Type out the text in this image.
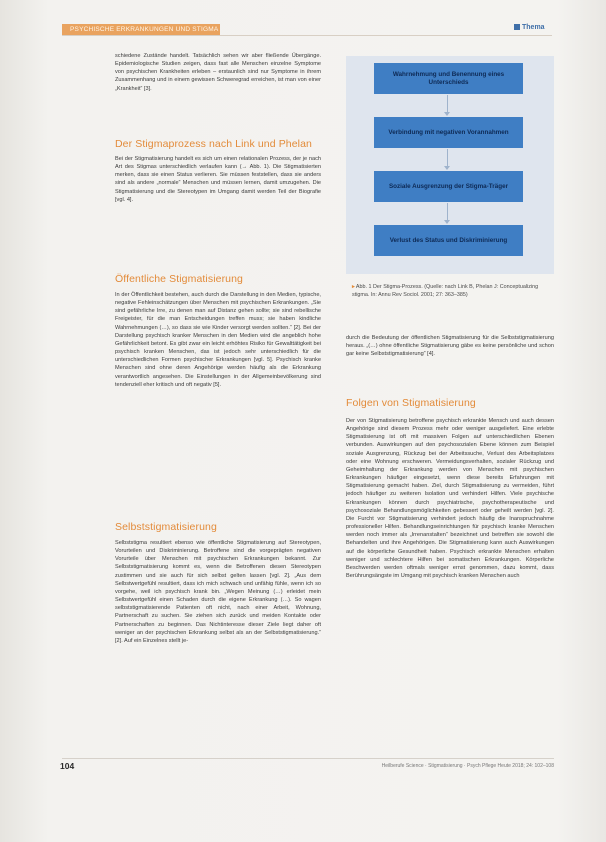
PSYCHISCHE ERKRANKUNGEN UND STIGMA	Thema

schiedene Zustände handelt. Tatsächlich sehen wir aber fließende Übergänge. Epidemiologische Studien zeigen, dass fast alle Menschen einzelne Symptome von psychischen Krankheiten erleben – erstaunlich sind nur Symptome in ihrem Zusammenhang und in einem gewissen Schweregrad erreichen, ist man von einer „Krankheit“ [3].

Der Stigmaprozess nach Link und Phelan

Bei der Stigmatisierung handelt es sich um einen relationalen Prozess, der je nach Art des Stigmas unterschiedlich verlaufen kann (→ Abb. 1). Die Stigmatisierten merken, dass sie einen Status verlieren. Sie müssen feststellen, dass sie anders sind als andere „normale“ Menschen und müssen lernen, damit umzugehen. Die Stigmatisierung und die Stereotypen im Umgang damit werden Teil der Biografie [vgl. 4].

Öffentliche Stigmatisierung

In der Öffentlichkeit bestehen, auch durch die Darstellung in den Medien, typische, negative Fehleinschätzungen über Menschen mit psychischen Erkrankungen. „Sie sind gefährliche Irre, zu denen man auf Distanz gehen sollte; sie sind rebellische Freigeister, für die man Entscheidungen treffen muss; sie haben kindliche Wahrnehmungen (…), so dass sie wie Kinder versorgt werden sollten.“ [2]. Bei der Darstellung psychisch kranker Menschen in den Medien wird die angeblich hohe Gefährlichkeit betont. Es gibt zwar ein leicht erhöhtes Risiko für Gewalttätigkeit bei psychisch kranken Menschen, das ist jedoch sehr unterschiedlich für die unterschiedlichen Formen psychischer Erkrankungen [vgl. 5]. Psychisch kranke Menschen sind ohne deren Angehörige werden häufig als die Erkrankung verantwortlich angesehen. Die Einstellungen in der Allgemeinbevölkerung sind tendenziell eher kritisch und oft negativ [5].

Selbststigmatisierung

Selbststigma resultiert ebenso wie öffentliche Stigmatisierung auf Stereotypen, Vorurteilen und Diskriminierung. Betroffene sind die vorgeprägten negativen Vorurteile über Menschen mit psychischen Erkrankungen bekannt. Zur Selbststigmatisierung kommt es, wenn die Betroffenen diesen Stereotypen zustimmen und sie auch für sich selbst gelten lassen [vgl. 2]. „Aus dem Selbstwertgefühl resultiert, dass ich mich schwach und unfähig fühle, wenn ich so vorgehe, weil ich psychisch krank bin. „Wegen Meinung (…) erleidet mein Selbstwertgefühl einen Schaden durch die eigene Erkrankung (…). So wagen selbststigmatisierende Patienten oft nicht, nach einer Arbeit, Wohnung, Partnerschaft zu suchen. Sie ziehen sich zurück und meiden Kontakte oder Partnerschaften zu beginnen. Das Nichtinteresse dieser Ziele liegt daher oft weniger an der psychischen Erkrankung selbst als an der Selbststigmatisierung.“ [2]. Auf ein Einzelnes stellt je-

Wahrnehmung und Benennung eines Unterschieds
Verbindung mit negativen Vorannahmen
Soziale Ausgrenzung der Stigma-Träger
Verlust des Status und Diskriminierung
▸ Abb. 1 Der Stigma-Prozess. (Quelle: nach Link B, Phelan J: Conceptualizing stigma. In: Annu Rev Sociol. 2001; 27: 363–385)

durch die Bedeutung der öffentlichen Stigmatisierung für die Selbststigmatisierung heraus. „(…) ohne öffentliche Stigmatisierung gäbe es keine persönliche und schon gar keine Selbststigmatisierung“ [4].

Folgen von Stigmatisierung

Der von Stigmatisierung betroffene psychisch erkrankte Mensch und auch dessen Angehörige sind diesem Prozess mehr oder weniger ausgeliefert. Eine erlebte Stigmatisierung ist oft mit massiven Folgen auf unterschiedlichen Ebenen verbunden. Auswirkungen auf den psychosozialen Ebene können zum Beispiel soziale Ausgrenzung, Rückzug bei der Arbeitssuche, Verlust des Arbeitsplatzes oder eine Wohnung erschweren. Vermeidungsverhalten, sozialer Rückzug und Geheimhaltung der Erkrankung werden von Menschen mit psychischen Erkrankungen häufiger eingesetzt, wenn diese bereits Erfahrungen mit Stigmatisierung gemacht haben. Ziel, durch Stigmatisierung zu vermeiden, führt jedoch häufiger zu weiteren Isolation und verhindert Hilfen. Viele psychische Erkrankungen können durch psychiatrische, psychotherapeutische und psychosoziale Behandlungsmöglichkeiten gebessert oder geheilt werden [vgl. 2]. Die Furcht vor Stigmatisierung verhindert jedoch häufig die Inanspruchnahme professioneller Hilfen. Behandlungseinrichtungen für psychisch kranke Menschen werden noch immer als „Irrenanstalten“ bezeichnet und betreffen sie sowohl die Behandelten und ihre Angehörigen. Die Stigmatisierung kann auch Auswirkungen auf die körperliche Gesundheit haben. Psychisch erkrankte Menschen erhalten weniger und schlechtere Hilfen bei somatischen Erkrankungen. Körperliche Beschwerden werden oftmals weniger ernst genommen, dazu kommt, dass Berührungsängste im Umgang mit psychisch kranken Menschen auch

104	Heilberufe Science · Stigmatisierung · Psych Pflege Heute 2018; 24: 102–108
